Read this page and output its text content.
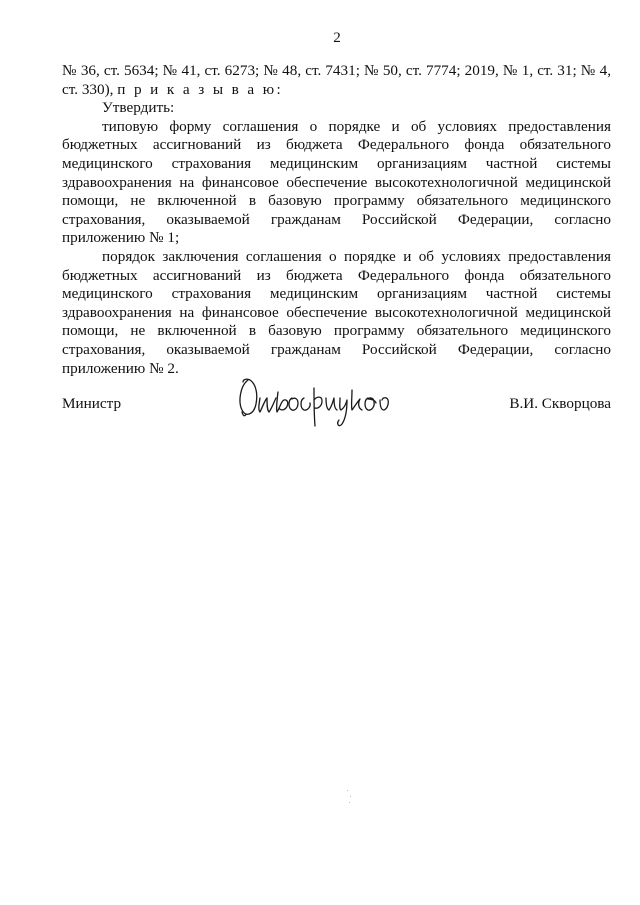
2

№ 36, ст. 5634; № 41, ст. 6273; № 48, ст. 7431; № 50, ст. 7774; 2019, № 1, ст. 31; № 4, ст. 330), п р и к а з ы в а ю:

Утвердить:

типовую форму соглашения о порядке и об условиях предоставления бюджетных ассигнований из бюджета Федерального фонда обязательного медицинского страхования медицинским организациям частной системы здравоохранения на финансовое обеспечение высокотехнологичной медицинской помощи, не включенной в базовую программу обязательного медицинского страхования, оказываемой гражданам Российской Федерации, согласно приложению № 1;

порядок заключения соглашения о порядке и об условиях предоставления бюджетных ассигнований из бюджета Федерального фонда обязательного медицинского страхования медицинским организациям частной системы здравоохранения на финансовое обеспечение высокотехнологичной медицинской помощи, не включенной в базовую программу обязательного медицинского страхования, оказываемой гражданам Российской Федерации, согласно приложению № 2.

Министр	В.И. Скворцова
